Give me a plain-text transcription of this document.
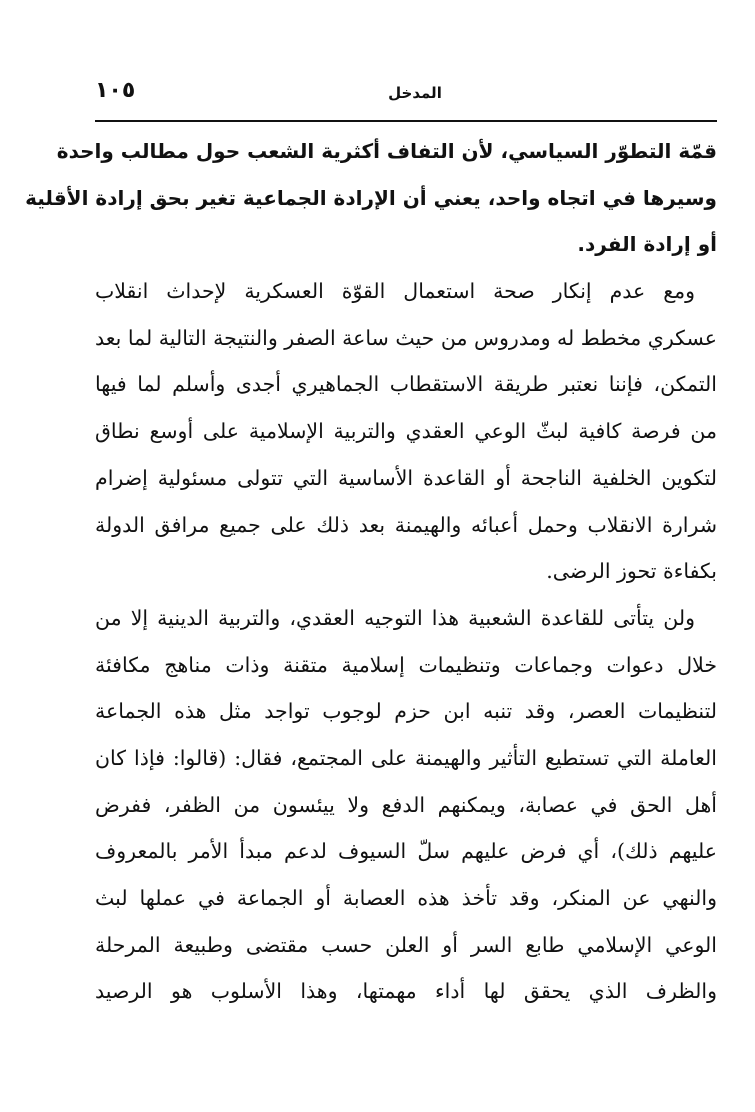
١٠٥	المدخل
قمّة التطوّر السياسي، لأن التفاف أكثرية الشعب حول مطالب واحدة
وسيرها في اتجاه واحد، يعني أن الإرادة الجماعية تغير بحق إرادة الأقلية
أو إرادة الفرد.
ومع عدم إنكار صحة استعمال القوّة العسكرية لإحداث انقلاب
عسكري مخطط له ومدروس من حيث ساعة الصفر والنتيجة التالية لما بعد
التمكن، فإننا نعتبر طريقة الاستقطاب الجماهيري أجدى وأسلم لما فيها
من فرصة كافية لبثّ الوعي العقدي والتربية الإسلامية على أوسع نطاق
لتكوين الخلفية الناجحة أو القاعدة الأساسية التي تتولى مسئولية إضرام
شرارة الانقلاب وحمل أعبائه والهيمنة بعد ذلك على جميع مرافق الدولة
بكفاءة تحوز الرضى.
ولن يتأتى للقاعدة الشعبية هذا التوجيه العقدي، والتربية الدينية إلا من
خلال دعوات وجماعات وتنظيمات إسلامية متقنة وذات مناهج مكافئة
لتنظيمات العصر، وقد تنبه ابن حزم لوجوب تواجد مثل هذه الجماعة
العاملة التي تستطيع التأثير والهيمنة على المجتمع، فقال: (قالوا: فإذا كان
أهل الحق في عصابة، ويمكنهم الدفع ولا ييئسون من الظفر، ففرض
عليهم ذلك)، أي فرض عليهم سلّ السيوف لدعم مبدأ الأمر بالمعروف
والنهي عن المنكر، وقد تأخذ هذه العصابة أو الجماعة في عملها لبث
الوعي الإسلامي طابع السر أو العلن حسب مقتضى وطبيعة المرحلة
والظرف الذي يحقق لها أداء مهمتها، وهذا الأسلوب هو الرصيد
